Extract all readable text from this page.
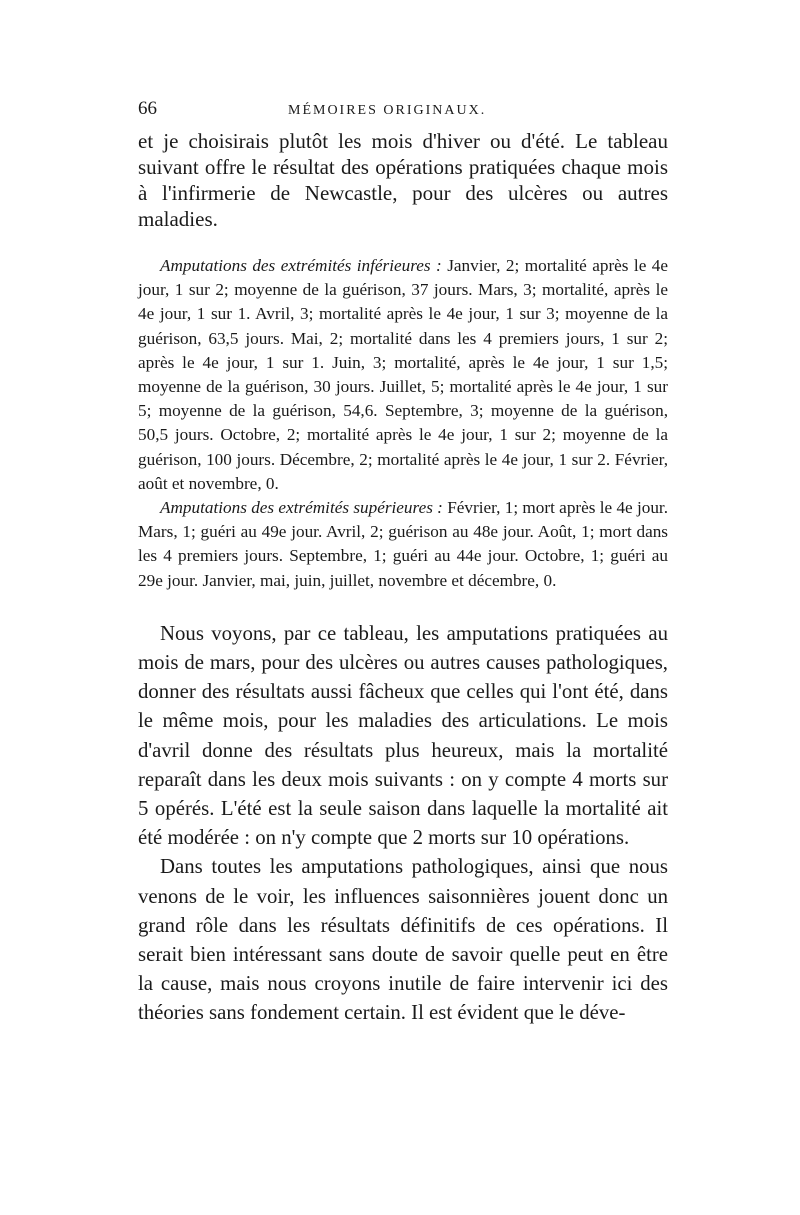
66	MÉMOIRES ORIGINAUX.

et je choisirais plutôt les mois d'hiver ou d'été. Le tableau suivant offre le résultat des opérations pratiquées chaque mois à l'infirmerie de Newcastle, pour des ulcères ou autres maladies.

Amputations des extrémités inférieures : Janvier, 2; mortalité après le 4e jour, 1 sur 2; moyenne de la guérison, 37 jours. Mars, 3; mortalité, après le 4e jour, 1 sur 1. Avril, 3; mortalité après le 4e jour, 1 sur 3; moyenne de la guérison, 63,5 jours. Mai, 2; mortalité dans les 4 premiers jours, 1 sur 2; après le 4e jour, 1 sur 1. Juin, 3; mortalité, après le 4e jour, 1 sur 1,5; moyenne de la guérison, 30 jours. Juillet, 5; mortalité après le 4e jour, 1 sur 5; moyenne de la guérison, 54,6. Septembre, 3; moyenne de la guérison, 50,5 jours. Octobre, 2; mortalité après le 4e jour, 1 sur 2; moyenne de la guérison, 100 jours. Décembre, 2; mortalité après le 4e jour, 1 sur 2. Février, août et novembre, 0.

Amputations des extrémités supérieures : Février, 1; mort après le 4e jour. Mars, 1; guéri au 49e jour. Avril, 2; guérison au 48e jour. Août, 1; mort dans les 4 premiers jours. Septembre, 1; guéri au 44e jour. Octobre, 1; guéri au 29e jour. Janvier, mai, juin, juillet, novembre et décembre, 0.

Nous voyons, par ce tableau, les amputations pratiquées au mois de mars, pour des ulcères ou autres causes pathologiques, donner des résultats aussi fâcheux que celles qui l'ont été, dans le même mois, pour les maladies des articulations. Le mois d'avril donne des résultats plus heureux, mais la mortalité reparaît dans les deux mois suivants : on y compte 4 morts sur 5 opérés. L'été est la seule saison dans laquelle la mortalité ait été modérée : on n'y compte que 2 morts sur 10 opérations.

Dans toutes les amputations pathologiques, ainsi que nous venons de le voir, les influences saisonnières jouent donc un grand rôle dans les résultats définitifs de ces opérations. Il serait bien intéressant sans doute de savoir quelle peut en être la cause, mais nous croyons inutile de faire intervenir ici des théories sans fondement certain. Il est évident que le déve-
